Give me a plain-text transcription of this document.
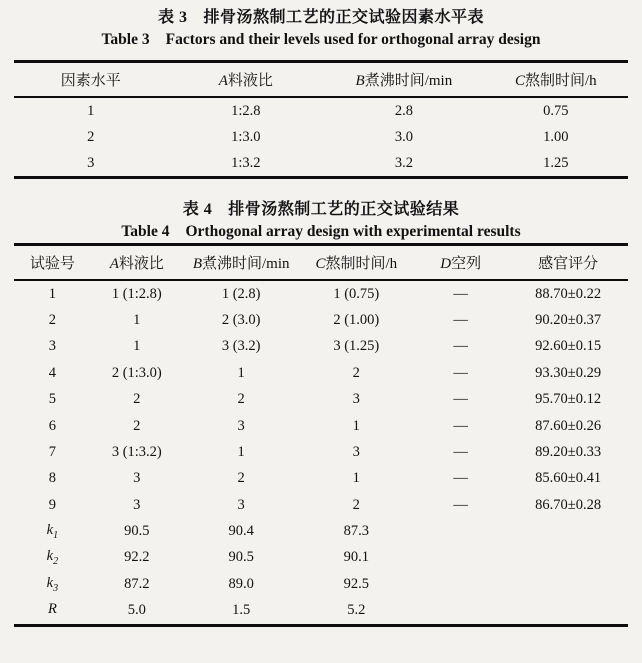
表 3 排骨汤熬制工艺的正交试验因素水平表
Table 3 Factors and their levels used for orthogonal array design
因素水平	A料液比	B煮沸时间/min	C熬制时间/h
1	1:2.8	2.8	0.75
2	1:3.0	3.0	1.00
3	1:3.2	3.2	1.25
表 4 排骨汤熬制工艺的正交试验结果
Table 4 Orthogonal array design with experimental results
试验号	A料液比	B煮沸时间/min	C熬制时间/h	D空列	感官评分
1	1 (1:2.8)	1 (2.8)	1 (0.75)	—	88.70±0.22
2	1	2 (3.0)	2 (1.00)	—	90.20±0.37
3	1	3 (3.2)	3 (1.25)	—	92.60±0.15
4	2 (1:3.0)	1	2	—	93.30±0.29
5	2	2	3	—	95.70±0.12
6	2	3	1	—	87.60±0.26
7	3 (1:3.2)	1	3	—	89.20±0.33
8	3	2	1	—	85.60±0.41
9	3	3	2	—	86.70±0.28
$k_1$	90.5	90.4	87.3		
$k_2$	92.2	90.5	90.1		
$k_3$	87.2	89.0	92.5		
R	5.0	1.5	5.2		
